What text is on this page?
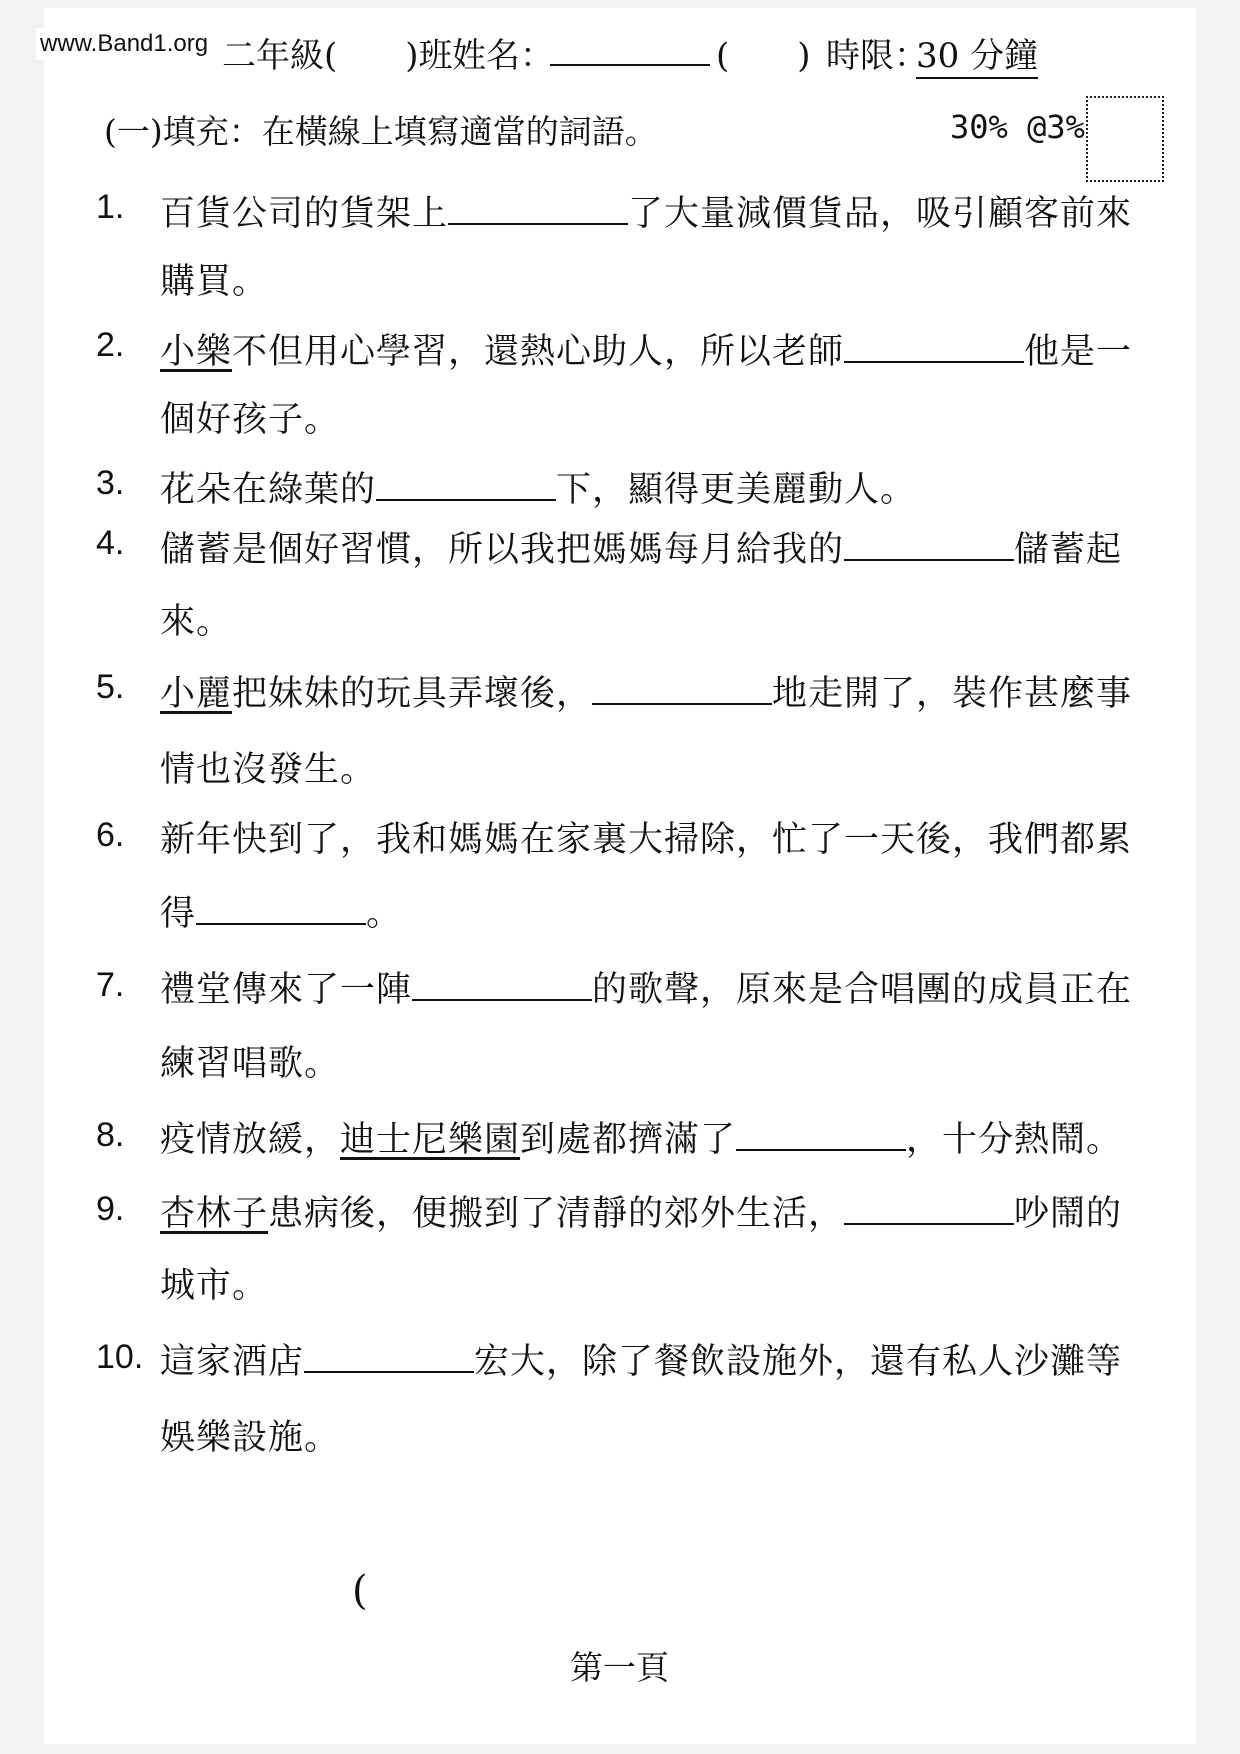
www.Band1.org 二年級(　　)班 姓名：	(　　) 時限：
30 分鐘
(一)填充：在橫線上填寫適當的詞語。	30% @3%
1. 百貨公司的貨架上	了大量減價貨品，吸引顧客前來
購買。
2. 小樂不但用心學習，還熱心助人，所以老師	他是一
個好孩子。
3. 花朵在綠葉的	下，顯得更美麗動人。
4. 儲蓄是個好習慣，所以我把媽媽每月給我的	儲蓄起
來。
5. 小麗把妹妹的玩具弄壞後，	地走開了，裝作甚麼事
情也沒發生。
6. 新年快到了，我和媽媽在家裏大掃除，忙了一天後，我們都累
得	。
7. 禮堂傳來了一陣	的歌聲，原來是合唱團的成員正在
練習唱歌。
8. 疫情放緩，迪士尼樂園到處都擠滿了	，十分熱鬧。
9. 杏林子患病後，便搬到了清靜的郊外生活，	吵鬧的
城市。
10. 這家酒店	宏大，除了餐飲設施外，還有私人沙灘等
娛樂設施。
(
第一頁
